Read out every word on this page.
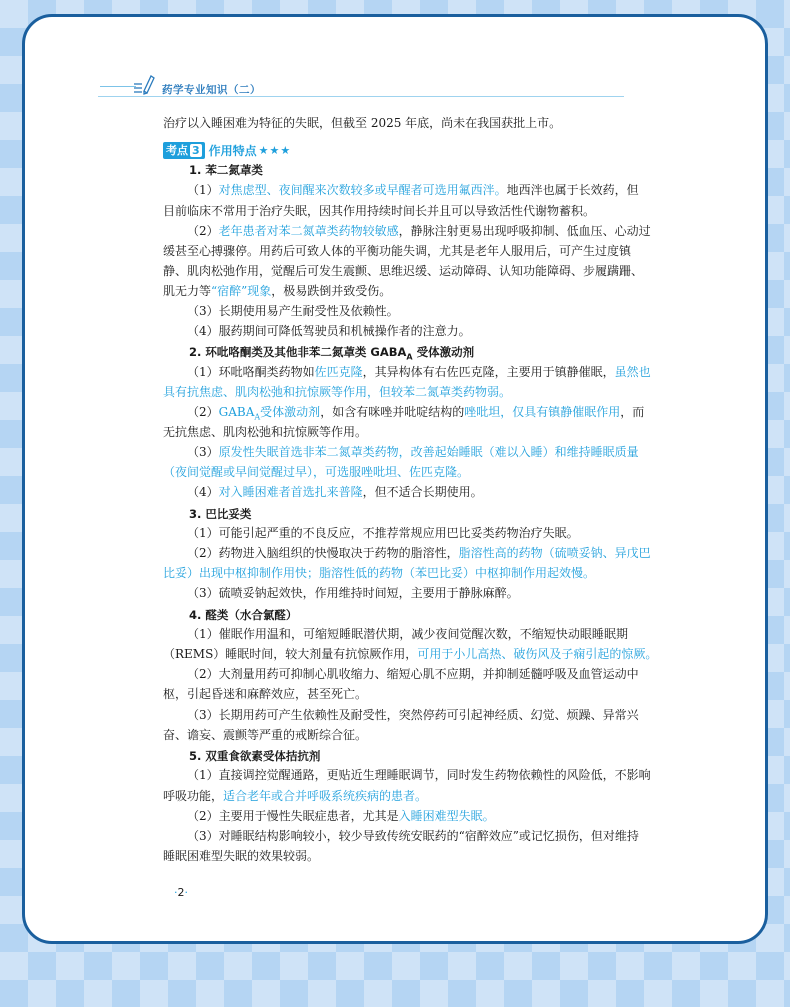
药学专业知识（二）

治疗以入睡困难为特征的失眠，但截至 2025 年底，尚未在我国获批上市。

考点 3 作用特点 ★★★
1. 苯二氮䓬类

（1）对焦虑型、夜间醒来次数较多或早醒者可选用氟西泮。地西泮也属于长效药，但

目前临床不常用于治疗失眠，因其作用持续时间长并且可以导致活性代谢物蓄积。

（2）老年患者对苯二氮䓬类药物较敏感，静脉注射更易出现呼吸抑制、低血压、心动过

缓甚至心搏骤停。用药后可致人体的平衡功能失调，尤其是老年人服用后，可产生过度镇

静、肌肉松弛作用，觉醒后可发生震颤、思维迟缓、运动障碍、认知功能障碍、步履蹒跚、

肌无力等“宿醉”现象，极易跌倒并致受伤。

（3）长期使用易产生耐受性及依赖性。

（4）服药期间可降低驾驶员和机械操作者的注意力。

2. 环吡咯酮类及其他非苯二氮䓬类 $GABA_A$ 受体激动剂

（1）环吡咯酮类药物如佐匹克隆，其异构体有右佐匹克隆，主要用于镇静催眠，虽然也

具有抗焦虑、肌肉松弛和抗惊厥等作用，但较苯二氮䓬类药物弱。

$(2)GABA_A$受体激动剂，如含有咪唑并吡啶结构的唑吡坦，仅具有镇静催眠作用，而

无抗焦虑、肌肉松弛和抗惊厥等作用。

（3）原发性失眠首选非苯二氮䓬类药物，改善起始睡眠（难以入睡）和维持睡眠质量

（夜间觉醒或早间觉醒过早），可选服唑吡坦、佐匹克隆。

（4）对入睡困难者首选扎来普隆，但不适合长期使用。

3. 巴比妥类

（1）可能引起严重的不良反应，不推荐常规应用巴比妥类药物治疗失眠。

（2）药物进入脑组织的快慢取决于药物的脂溶性，脂溶性高的药物（硫喷妥钠、异戊巴

比妥）出现中枢抑制作用快；脂溶性低的药物（苯巴比妥）中枢抑制作用起效慢。

（3）硫喷妥钠起效快，作用维持时间短，主要用于静脉麻醉。

4. 醛类（水合氯醛）

（1）催眠作用温和，可缩短睡眠潜伏期，减少夜间觉醒次数，不缩短快动眼睡眠期

（REMS）睡眠时间，较大剂量有抗惊厥作用，可用于小儿高热、破伤风及子痫引起的惊厥。

（2）大剂量用药可抑制心肌收缩力、缩短心肌不应期，并抑制延髓呼吸及血管运动中

枢，引起昏迷和麻醉效应，甚至死亡。

（3）长期用药可产生依赖性及耐受性，突然停药可引起神经质、幻觉、烦躁、异常兴

奋、谵妄、震颤等严重的戒断综合征。

5. 双重食欲素受体拮抗剂

（1）直接调控觉醒通路，更贴近生理睡眠调节，同时发生药物依赖性的风险低，不影响

呼吸功能，适合老年或合并呼吸系统疾病的患者。

（2）主要用于慢性失眠症患者，尤其是入睡困难型失眠。

（3）对睡眠结构影响较小，较少导致传统安眠药的“宿醉效应”或记忆损伤，但对维持

睡眠困难型失眠的效果较弱。

·2·
